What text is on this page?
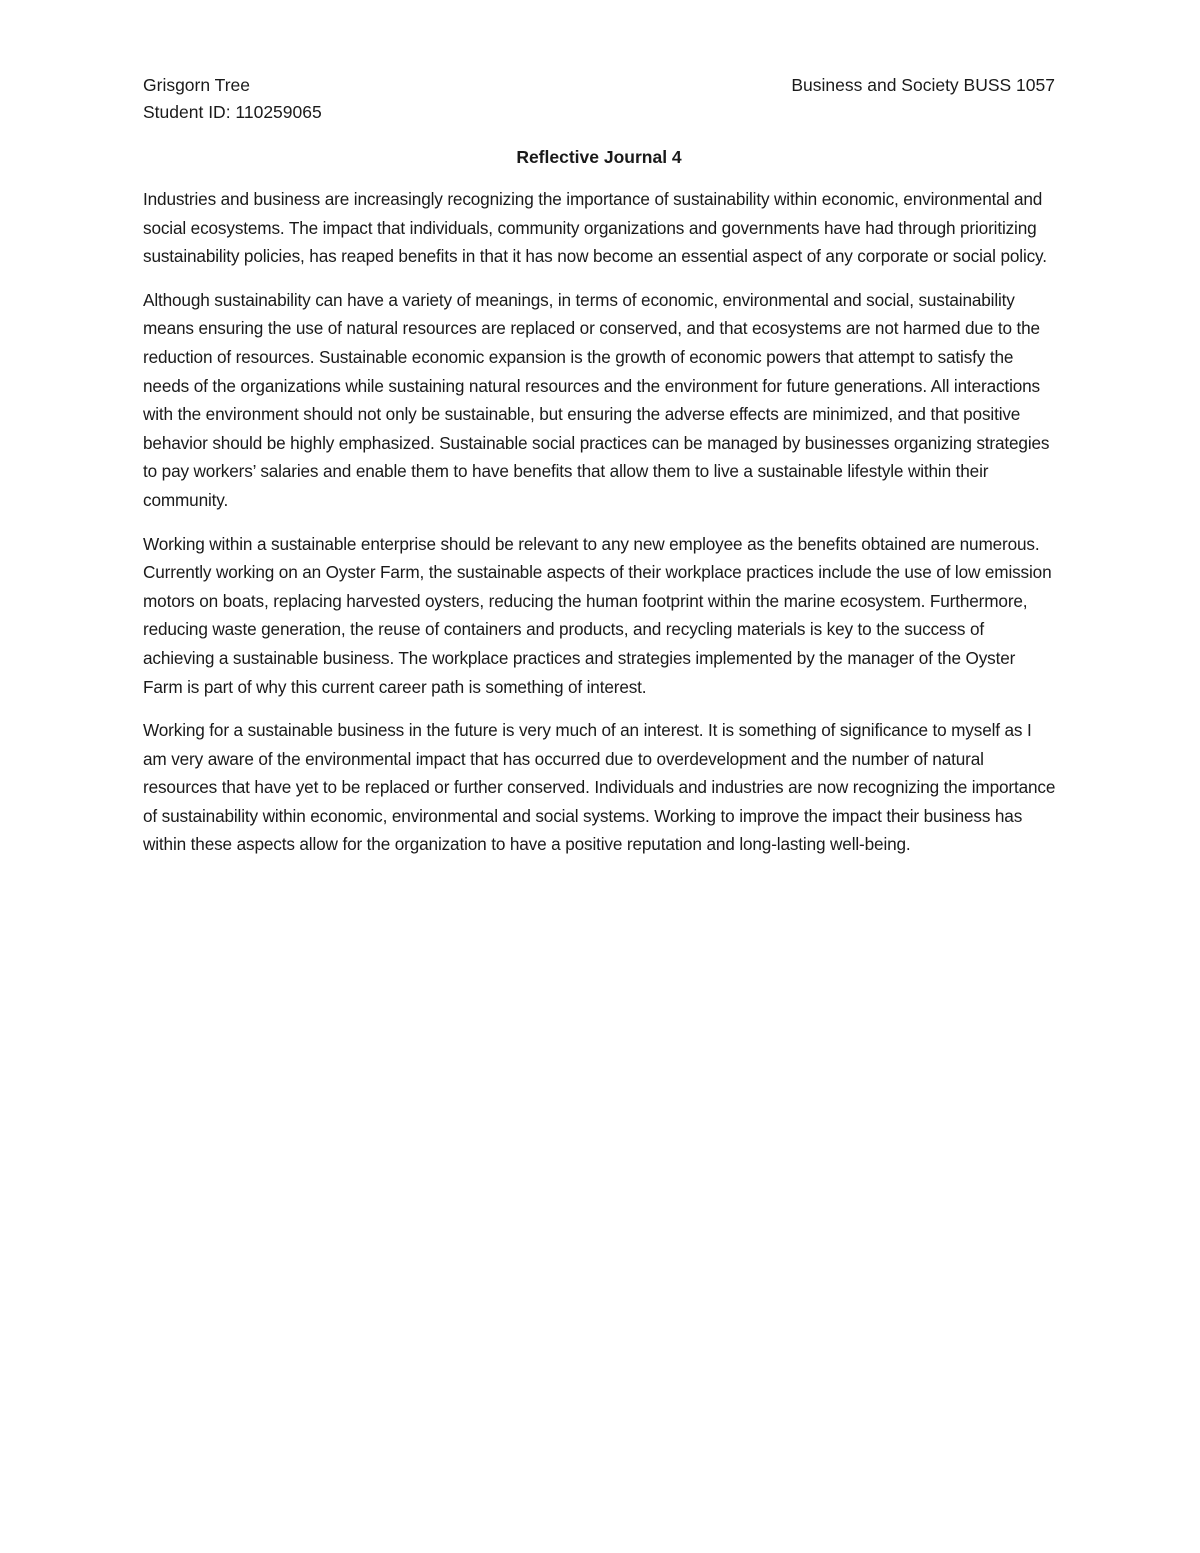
Grisgorn Tree	Business and Society BUSS 1057
Student ID: 110259065
Reflective Journal 4

Industries and business are increasingly recognizing the importance of sustainability within economic, environmental and social ecosystems. The impact that individuals, community organizations and governments have had through prioritizing sustainability policies, has reaped benefits in that it has now become an essential aspect of any corporate or social policy.

Although sustainability can have a variety of meanings, in terms of economic, environmental and social, sustainability means ensuring the use of natural resources are replaced or conserved, and that ecosystems are not harmed due to the reduction of resources. Sustainable economic expansion is the growth of economic powers that attempt to satisfy the needs of the organizations while sustaining natural resources and the environment for future generations. All interactions with the environment should not only be sustainable, but ensuring the adverse effects are minimized, and that positive behavior should be highly emphasized. Sustainable social practices can be managed by businesses organizing strategies to pay workers’ salaries and enable them to have benefits that allow them to live a sustainable lifestyle within their community.

Working within a sustainable enterprise should be relevant to any new employee as the benefits obtained are numerous. Currently working on an Oyster Farm, the sustainable aspects of their workplace practices include the use of low emission motors on boats, replacing harvested oysters, reducing the human footprint within the marine ecosystem. Furthermore, reducing waste generation, the reuse of containers and products, and recycling materials is key to the success of achieving a sustainable business. The workplace practices and strategies implemented by the manager of the Oyster Farm is part of why this current career path is something of interest.

Working for a sustainable business in the future is very much of an interest. It is something of significance to myself as I am very aware of the environmental impact that has occurred due to overdevelopment and the number of natural resources that have yet to be replaced or further conserved. Individuals and industries are now recognizing the importance of sustainability within economic, environmental and social systems. Working to improve the impact their business has within these aspects allow for the organization to have a positive reputation and long-lasting well-being.
